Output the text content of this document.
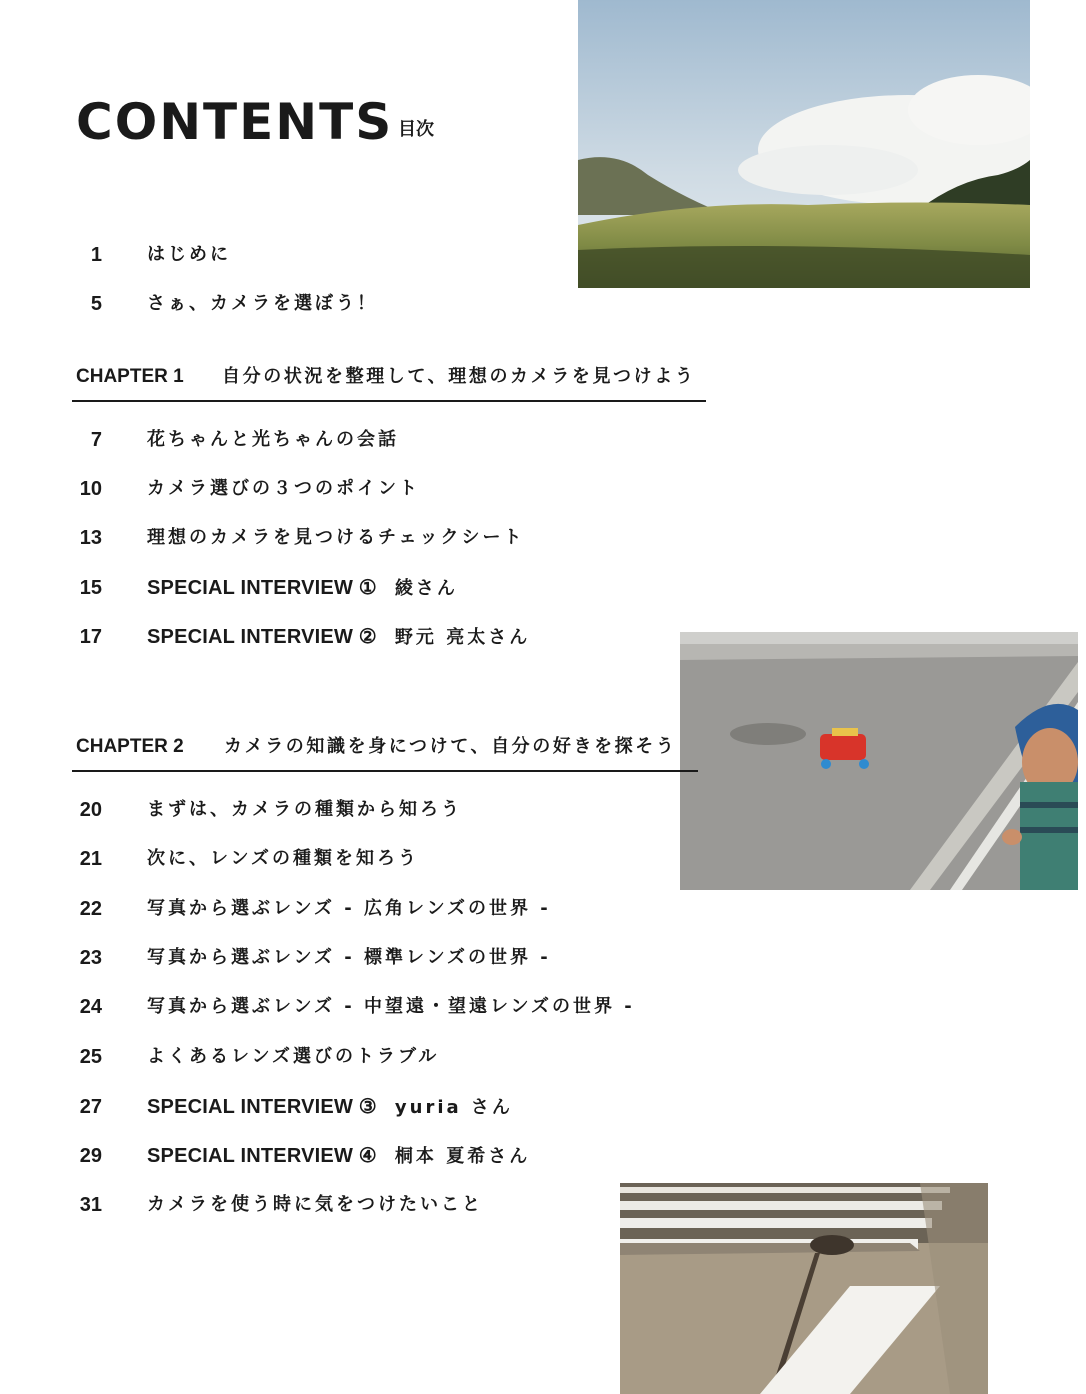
CONTENTS 目次
1	はじめに
5	さぁ、カメラを選ぼう！
CHAPTER 1 自分の状況を整理して、理想のカメラを見つけよう
7	花ちゃんと光ちゃんの会話
10	カメラ選びの３つのポイント
13	理想のカメラを見つけるチェックシート
15 SPECIAL INTERVIEW ① 綾さん
17 SPECIAL INTERVIEW ② 野元 亮太さん
CHAPTER 2 カメラの知識を身につけて、自分の好きを探そう
20	まずは、カメラの種類から知ろう
21	次に、レンズの種類を知ろう
22	写真から選ぶレンズ - 広角レンズの世界 -
23	写真から選ぶレンズ - 標準レンズの世界 -
24	写真から選ぶレンズ - 中望遠・望遠レンズの世界 -
25	よくあるレンズ選びのトラブル
27 SPECIAL INTERVIEW ③ yuria さん
29 SPECIAL INTERVIEW ④ 桐本 夏希さん
31	カメラを使う時に気をつけたいこと
